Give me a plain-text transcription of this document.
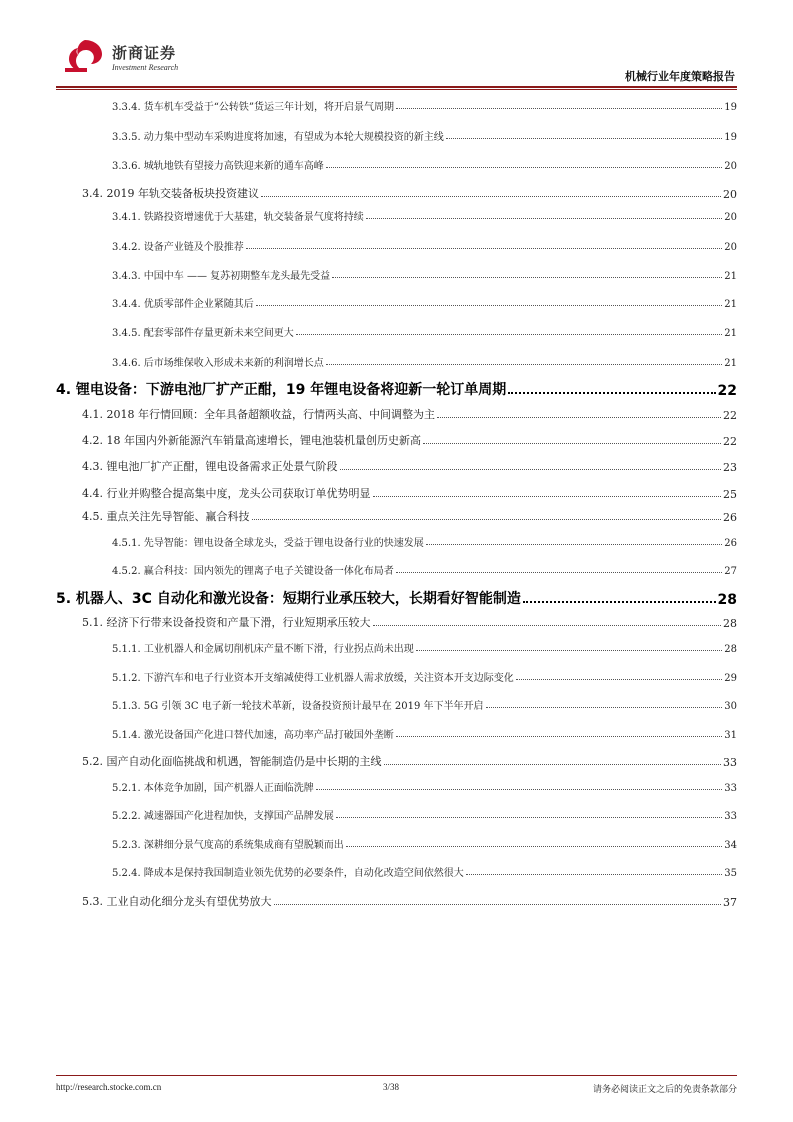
浙商证券
Investment Research
机械行业年度策略报告
3.3.4. 货车机车受益于“公转铁”货运三年计划，将开启景气周期	19
3.3.5. 动力集中型动车采购进度将加速，有望成为本轮大规模投资的新主线	19
3.3.6. 城轨地铁有望接力高铁迎来新的通车高峰	20
3.4. 2019 年轨交装备板块投资建议	20
3.4.1. 铁路投资增速优于大基建，轨交装备景气度将持续	20
3.4.2. 设备产业链及个股推荐	20
3.4.3. 中国中车 —— 复苏初期整车龙头最先受益	21
3.4.4. 优质零部件企业紧随其后	21
3.4.5. 配套零部件存量更新未来空间更大	21
3.4.6. 后市场维保收入形成未来新的利润增长点	21
4. 锂电设备：下游电池厂扩产正酣，19 年锂电设备将迎新一轮订单周期	22
4.1. 2018 年行情回顾：全年具备超额收益，行情两头高、中间调整为主	22
4.2. 18 年国内外新能源汽车销量高速增长，锂电池装机量创历史新高	22
4.3. 锂电池厂扩产正酣，锂电设备需求正处景气阶段	23
4.4. 行业并购整合提高集中度，龙头公司获取订单优势明显	25
4.5. 重点关注先导智能、赢合科技	26
4.5.1. 先导智能：锂电设备全球龙头，受益于锂电设备行业的快速发展	26
4.5.2. 赢合科技：国内领先的锂离子电子关键设备一体化布局者	27
5. 机器人、3C 自动化和激光设备：短期行业承压较大，长期看好智能制造	28
5.1. 经济下行带来设备投资和产量下滑，行业短期承压较大	28
5.1.1. 工业机器人和金属切削机床产量不断下滑，行业拐点尚未出现	28
5.1.2. 下游汽车和电子行业资本开支缩减使得工业机器人需求放缓，关注资本开支边际变化	29
5.1.3. 5G 引领 3C 电子新一轮技术革新，设备投资预计最早在 2019 年下半年开启	30
5.1.4. 激光设备国产化进口替代加速，高功率产品打破国外垄断	31
5.2. 国产自动化面临挑战和机遇，智能制造仍是中长期的主线	33
5.2.1. 本体竞争加剧，国产机器人正面临洗牌	33
5.2.2. 减速器国产化进程加快，支撑国产品牌发展	33
5.2.3. 深耕细分景气度高的系统集成商有望脱颖而出	34
5.2.4. 降成本是保持我国制造业领先优势的必要条件，自动化改造空间依然很大	35
5.3. 工业自动化细分龙头有望优势放大	37
http://research.stocke.com.cn	3/38	请务必阅读正文之后的免责条款部分
